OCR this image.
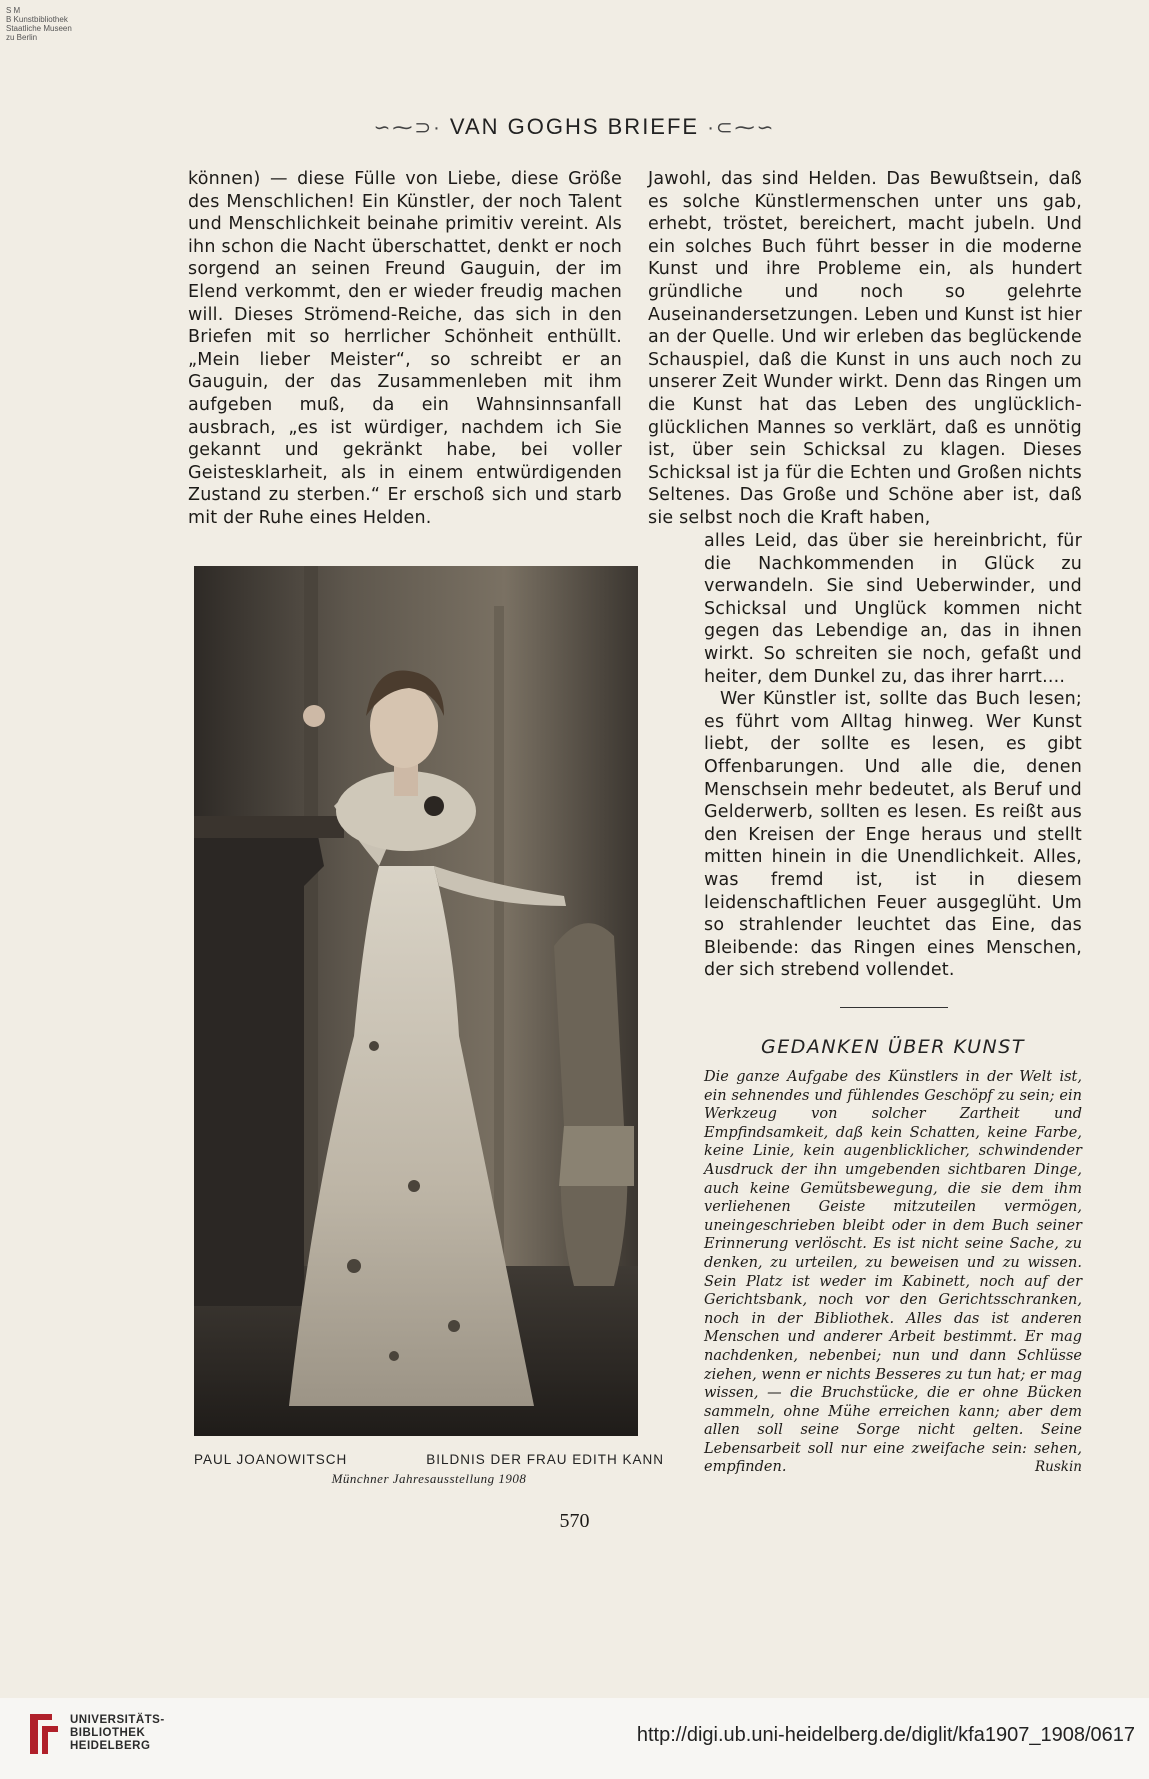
S M
B Kunstbibliothek
Staatliche Museen
zu Berlin
∽⁓⊃· VAN GOGHS BRIEFE ·⊂⁓∽

können) — diese Fülle von Liebe, diese Größe des Menschlichen! Ein Künstler, der noch Talent und Menschlichkeit beinahe primitiv vereint. Als ihn schon die Nacht überschattet, denkt er noch sorgend an seinen Freund Gauguin, der im Elend verkommt, den er wieder freudig machen will. Dieses Strömend-Reiche, das sich in den Briefen mit so herrlicher Schönheit enthüllt. „Mein lieber Meister“, so schreibt er an Gauguin, der das Zusammenleben mit ihm aufgeben muß, da ein Wahnsinnsanfall ausbrach, „es ist würdiger, nachdem ich Sie gekannt und gekränkt habe, bei voller Geistesklarheit, als in einem entwürdigenden Zustand zu sterben.“ Er erschoß sich und starb mit der Ruhe eines Helden.

Jawohl, das sind Helden. Das Bewußtsein, daß es solche Künstlermenschen unter uns gab, erhebt, tröstet, bereichert, macht jubeln. Und ein solches Buch führt besser in die moderne Kunst und ihre Probleme ein, als hundert gründliche und noch so gelehrte Auseinandersetzungen. Leben und Kunst ist hier an der Quelle. Und wir erleben das beglückende Schauspiel, daß die Kunst in uns auch noch zu unserer Zeit Wunder wirkt. Denn das Ringen um die Kunst hat das Leben des unglücklich-glücklichen Mannes so verklärt, daß es unnötig ist, über sein Schicksal zu klagen. Dieses Schicksal ist ja für die Echten und Großen nichts Seltenes. Das Große und Schöne aber ist, daß sie selbst noch die Kraft haben,

alles Leid, das über sie hereinbricht, für die Nachkommenden in Glück zu verwandeln. Sie sind Ueberwinder, und Schicksal und Unglück kommen nicht gegen das Lebendige an, das in ihnen wirkt. So schreiten sie noch, gefaßt und heiter, dem Dunkel zu, das ihrer harrt....

Wer Künstler ist, sollte das Buch lesen; es führt vom Alltag hinweg. Wer Kunst liebt, der sollte es lesen, es gibt Offenbarungen. Und alle die, denen Menschsein mehr bedeutet, als Beruf und Gelderwerb, sollten es lesen. Es reißt aus den Kreisen der Enge heraus und stellt mitten hinein in die Unendlichkeit. Alles, was fremd ist, ist in diesem leidenschaftlichen Feuer ausgeglüht. Um so strahlender leuchtet das Eine, das Bleibende: das Ringen eines Menschen, der sich strebend vollendet.

PAUL JOANOWITSCH	BILDNIS DER FRAU EDITH KANN
Münchner Jahresausstellung 1908
GEDANKEN ÜBER KUNST
Die ganze Aufgabe des Künstlers in der Welt ist, ein sehnendes und fühlendes Geschöpf zu sein; ein Werkzeug von solcher Zartheit und Empfindsamkeit, daß kein Schatten, keine Farbe, keine Linie, kein augenblicklicher, schwindender Ausdruck der ihn umgebenden sichtbaren Dinge, auch keine Gemütsbewegung, die sie dem ihm verliehenen Geiste mitzuteilen vermögen, uneingeschrieben bleibt oder in dem Buch seiner Erinnerung verlöscht. Es ist nicht seine Sache, zu denken, zu urteilen, zu beweisen und zu wissen. Sein Platz ist weder im Kabinett, noch auf der Gerichtsbank, noch vor den Gerichtsschranken, noch in der Bibliothek. Alles das ist anderen Menschen und anderer Arbeit bestimmt. Er mag nachdenken, nebenbei; nun und dann Schlüsse ziehen, wenn er nichts Besseres zu tun hat; er mag wissen, — die Bruchstücke, die er ohne Bücken sammeln, ohne Mühe erreichen kann; aber dem allen soll seine Sorge nicht gelten. Seine Lebensarbeit soll nur eine zweifache sein: sehen, empfinden.	Ruskin
570
UNIVERSITÄTS-
BIBLIOTHEK
HEIDELBERG	http://digi.ub.uni-heidelberg.de/diglit/kfa1907_1908/0617
